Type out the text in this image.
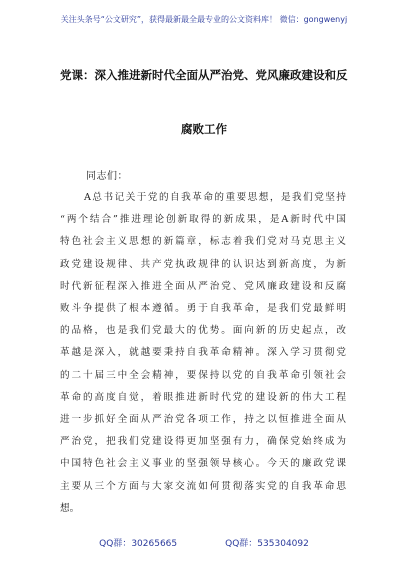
关注头条号“公文研究”，获得最新最全最专业的公文资料库！ 微信：gongwenyj
党课：深入推进新时代全面从严治党、党风廉政建设和反
腐败工作
同志们：
A总书记关于党的自我革命的重要思想，是我们党坚持
“两个结合”推进理论创新取得的新成果，是A新时代中国
特色社会主义思想的新篇章，标志着我们党对马克思主义
政党建设规律、共产党执政规律的认识达到新高度，为新
时代新征程深入推进全面从严治党、党风廉政建设和反腐
败斗争提供了根本遵循。勇于自我革命，是我们党最鲜明
的品格，也是我们党最大的优势。面向新的历史起点，改
革越是深入，就越要秉持自我革命精神。深入学习贯彻党
的二十届三中全会精神，要保持以党的自我革命引领社会
革命的高度自觉，着眼推进新时代党的建设新的伟大工程
进一步抓好全面从严治党各项工作，持之以恒推进全面从
严治党，把我们党建设得更加坚强有力，确保党始终成为
中国特色社会主义事业的坚强领导核心。今天的廉政党课
主要从三个方面与大家交流如何贯彻落实党的自我革命思
想。
QQ群：30265665	QQ群：535304092
